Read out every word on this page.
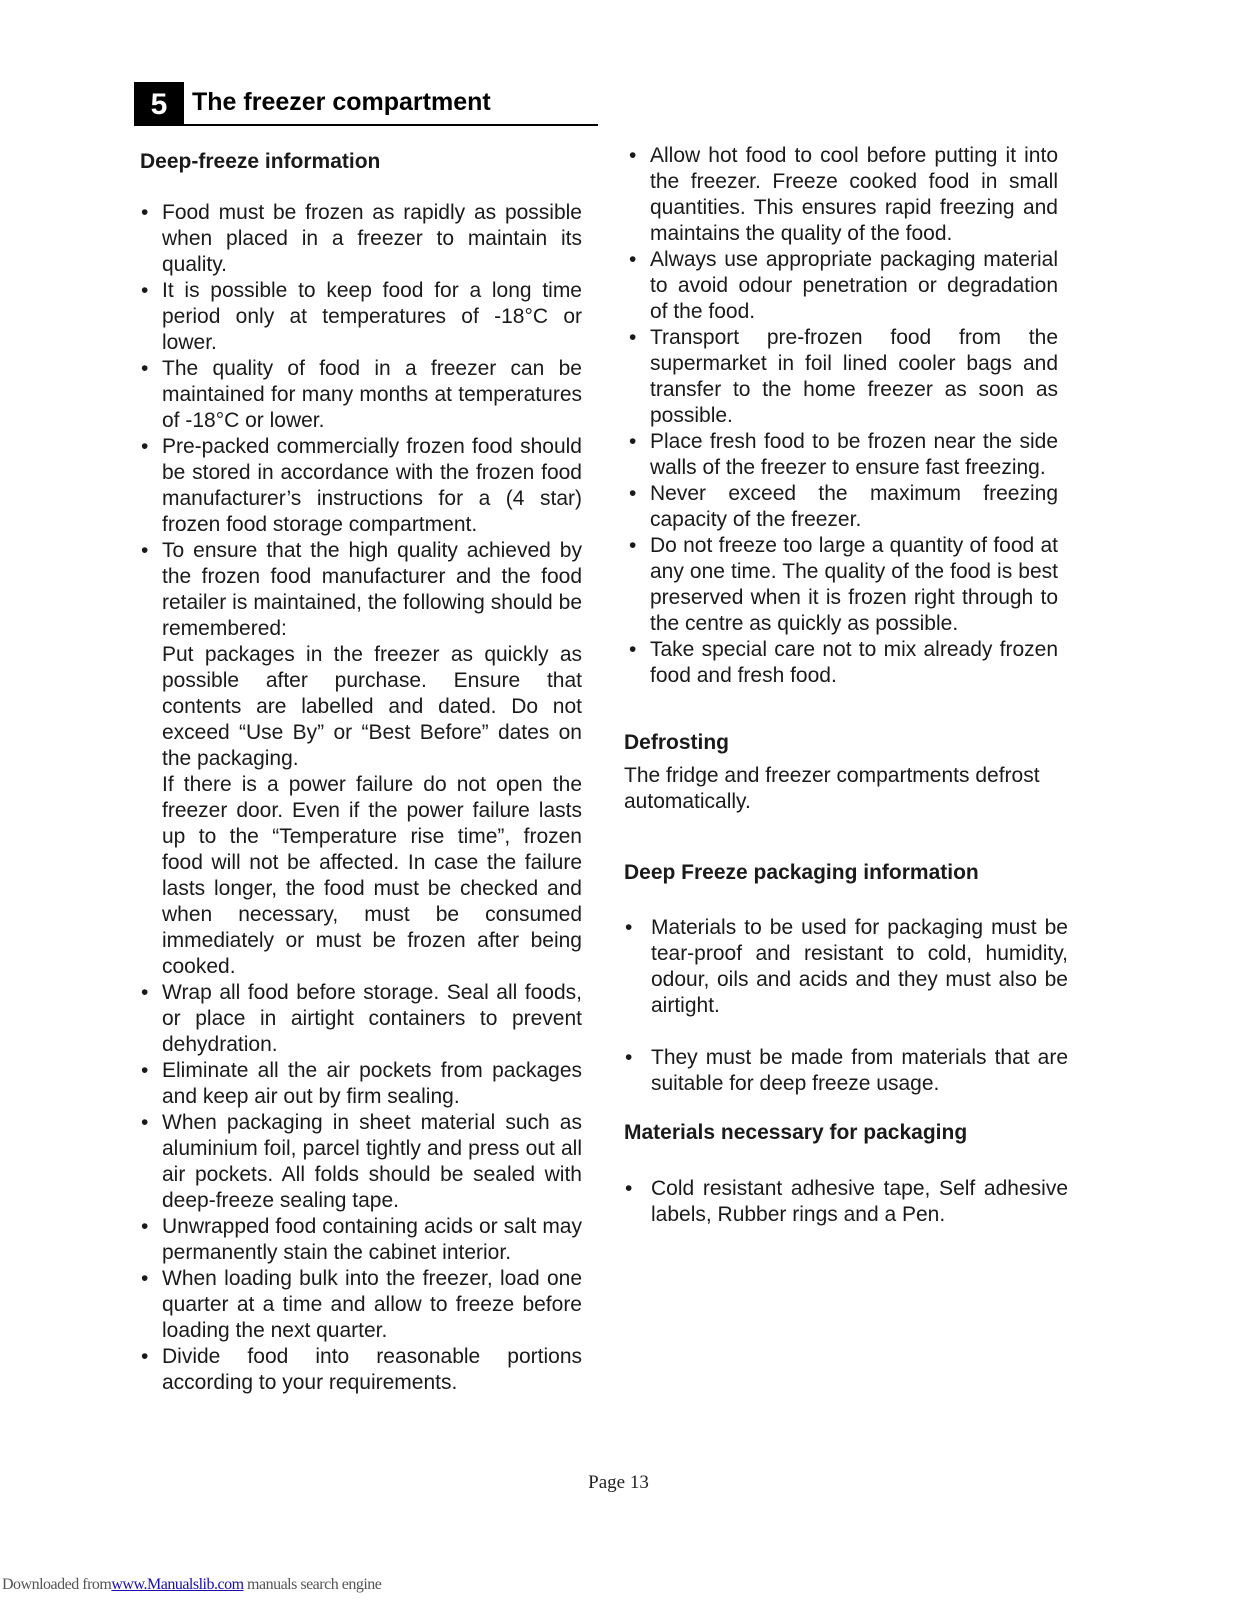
5 The freezer compartment
Deep-freeze information
• Food must be frozen as rapidly as possible when placed in a freezer to maintain its quality.

• It is possible to keep food for a long time period only at temperatures of -18°C or lower.

• The quality of food in a freezer can be maintained for many months at temperatures of -18°C or lower.

• Pre-packed commercially frozen food should be stored in accordance with the frozen food manufacturer’s instructions for a (4 star) frozen food storage compartment.

• To ensure that the high quality achieved by the frozen food manufacturer and the food retailer is maintained, the following should be remembered:

Put packages in the freezer as quickly as possible after purchase. Ensure that contents are labelled and dated. Do not exceed “Use By” or “Best Before” dates on the packaging.

If there is a power failure do not open the freezer door. Even if the power failure lasts up to the “Temperature rise time”, frozen food will not be affected. In case the failure lasts longer, the food must be checked and when necessary, must be consumed immediately or must be frozen after being cooked.

• Wrap all food before storage. Seal all foods, or place in airtight containers to prevent dehydration.

• Eliminate all the air pockets from packages and keep air out by firm sealing.

• When packaging in sheet material such as aluminium foil, parcel tightly and press out all air pockets. All folds should be sealed with deep-freeze sealing tape.

• Unwrapped food containing acids or salt may permanently stain the cabinet interior.

• When loading bulk into the freezer, load one quarter at a time and allow to freeze before loading the next quarter.

• Divide food into reasonable portions according to your requirements.

• Allow hot food to cool before putting it into the freezer. Freeze cooked food in small quantities. This ensures rapid freezing and maintains the quality of the food.

• Always use appropriate packaging material to avoid odour penetration or degradation of the food.

• Transport pre-frozen food from the supermarket in foil lined cooler bags and transfer to the home freezer as soon as possible.

• Place fresh food to be frozen near the side walls of the freezer to ensure fast freezing.

• Never exceed the maximum freezing capacity of the freezer.

• Do not freeze too large a quantity of food at any one time. The quality of the food is best preserved when it is frozen right through to the centre as quickly as possible.

• Take special care not to mix already frozen food and fresh food.

Defrosting

The fridge and freezer compartments defrost automatically.

Deep Freeze packaging information
• Materials to be used for packaging must be tear-proof and resistant to cold, humidity, odour, oils and acids and they must also be airtight.

• They must be made from materials that are suitable for deep freeze usage.

Materials necessary for packaging
• Cold resistant adhesive tape, Self adhesive labels, Rubber rings and a Pen.

Page 13
Downloaded fromwww.Manualslib.com manuals search engine
